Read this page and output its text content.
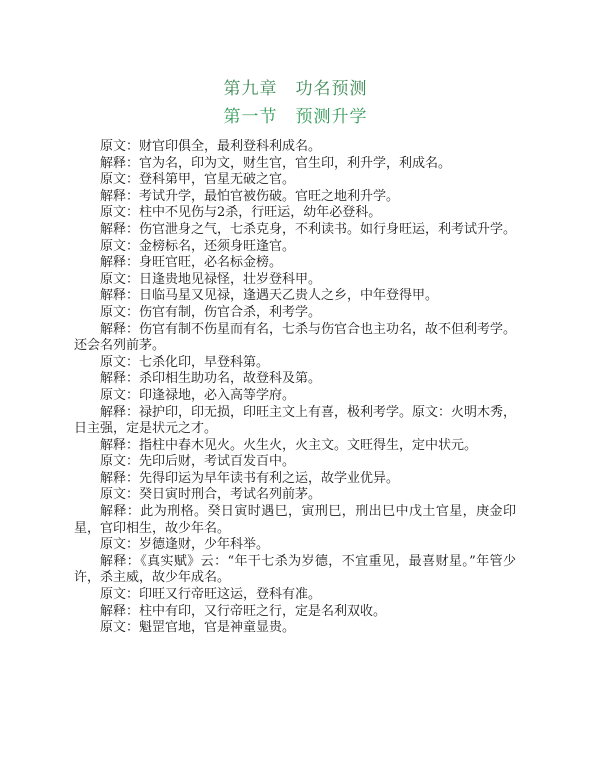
第九章　功名预测
第一节　预测升学

原文：财官印俱全，最利登科利成名。

解释：官为名，印为文，财生官，官生印，利升学，利成名。

原文：登科第甲，官星无破之官。

解释：考试升学，最怕官被伤破。官旺之地利升学。

原文：柱中不见伤与2杀，行旺运，幼年必登科。

解释：伤官泄身之气，七杀克身，不利读书。如行身旺运，利考试升学。

原文：金榜标名，还须身旺逢官。

解释：身旺官旺，必名标金榜。

原文：日逢贵地见禄怪，壮岁登科甲。

解释：日临马星又见禄，逢遇天乙贵人之乡，中年登得甲。

原文：伤官有制，伤官合杀，利考学。

解释：伤官有制不伤星而有名，七杀与伤官合也主功名，故不但利考学。还会名列前茅。

原文：七杀化印，早登科第。

解释：杀印相生助功名，故登科及第。

原文：印逢禄地，必入高等学府。

解释：禄护印，印无损，印旺主文上有喜，极利考学。原文：火明木秀，日主强，定是状元之才。

解释：指柱中春木见火。火生火，火主文。文旺得生，定中状元。

原文：先印后财，考试百发百中。

解释：先得印运为早年读书有利之运，故学业优异。

原文：癸日寅时刑合，考试名列前茅。

解释：此为刑格。癸日寅时遇巳，寅刑巳，刑出巳中戊土官星，庚金印星，官印相生，故少年名。

原文：岁德逢财，少年科举。

解释：《真实赋》云：“年干七杀为岁德，不宜重见，最喜财星。”年管少许，杀主威，故少年成名。

原文：印旺又行帝旺这运，登科有准。

解释：柱中有印，又行帝旺之行，定是名利双收。

原文：魁罡官地，官是神童显贵。
